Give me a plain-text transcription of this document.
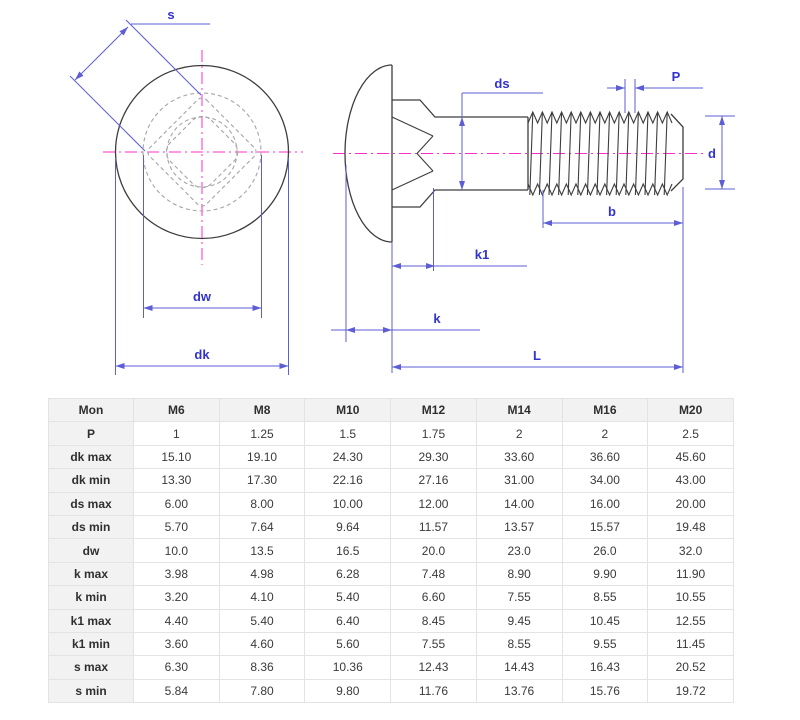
s
dw
dk
ds	P
d
b
k1
k
L
Mon	M6	M8	M10	M12	M14	M16	M20
P	1	1.25	1.5	1.75	2	2	2.5
dk max	15.10	19.10	24.30	29.30	33.60	36.60	45.60
dk min	13.30	17.30	22.16	27.16	31.00	34.00	43.00
ds max	6.00	8.00	10.00	12.00	14.00	16.00	20.00
ds min	5.70	7.64	9.64	11.57	13.57	15.57	19.48
dw	10.0	13.5	16.5	20.0	23.0	26.0	32.0
k max	3.98	4.98	6.28	7.48	8.90	9.90	11.90
k min	3.20	4.10	5.40	6.60	7.55	8.55	10.55
k1 max	4.40	5.40	6.40	8.45	9.45	10.45	12.55
k1 min	3.60	4.60	5.60	7.55	8.55	9.55	11.45
s max	6.30	8.36	10.36	12.43	14.43	16.43	20.52
s min	5.84	7.80	9.80	11.76	13.76	15.76	19.72
